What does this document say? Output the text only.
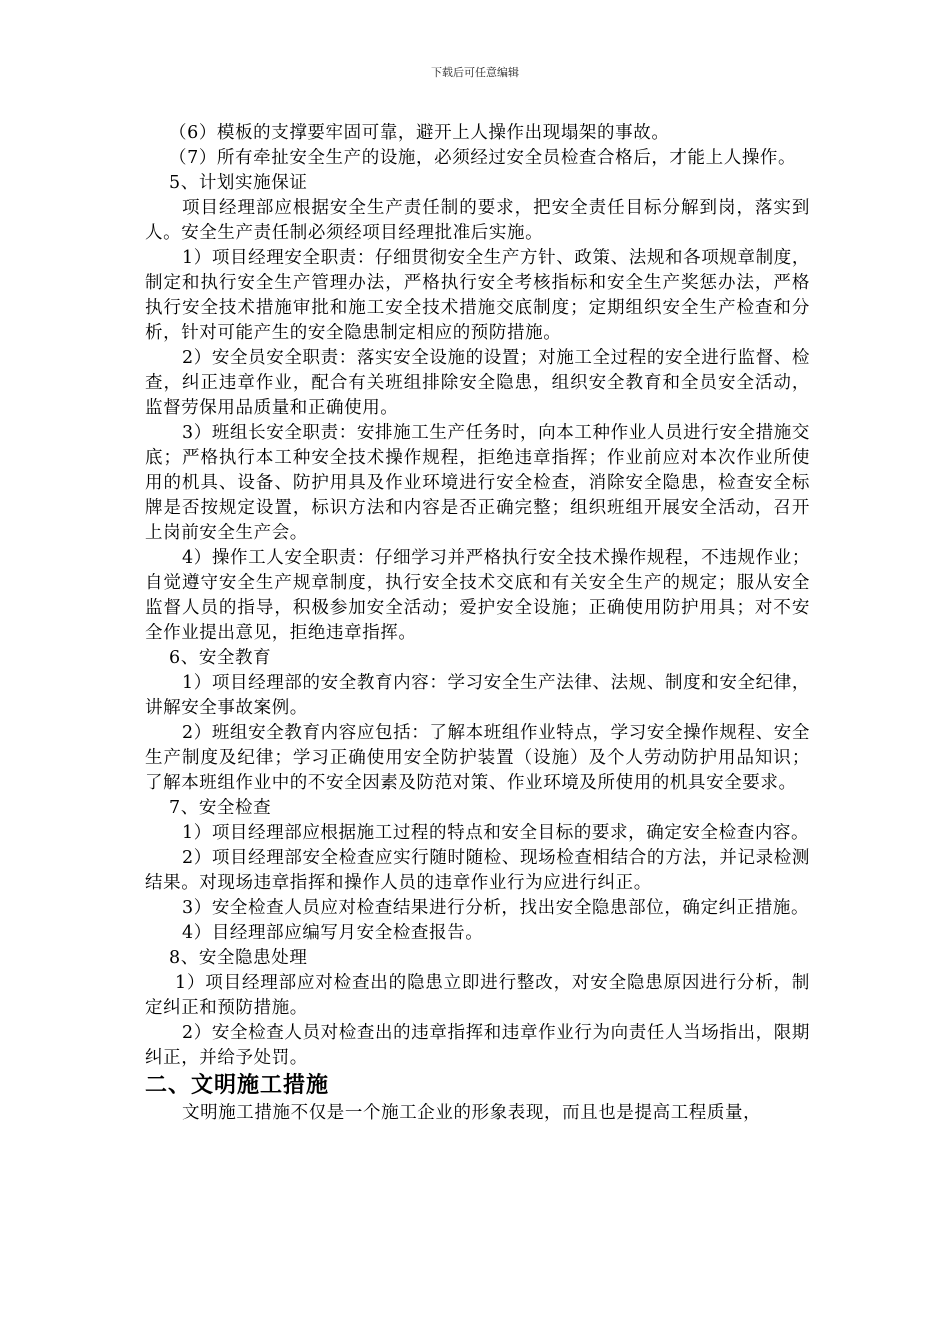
下载后可任意编辑

（6）模板的支撑要牢固可靠，避开上人操作出现塌架的事故。

（7）所有牵扯安全生产的设施，必须经过安全员检查合格后，才能上人操作。

5、计划实施保证

项目经理部应根据安全生产责任制的要求，把安全责任目标分解到岗，落实到人。安全生产责任制必须经项目经理批准后实施。

1）项目经理安全职责：仔细贯彻安全生产方针、政策、法规和各项规章制度，制定和执行安全生产管理办法，严格执行安全考核指标和安全生产奖惩办法，严格执行安全技术措施审批和施工安全技术措施交底制度；定期组织安全生产检查和分析，针对可能产生的安全隐患制定相应的预防措施。

2）安全员安全职责：落实安全设施的设置；对施工全过程的安全进行监督、检查，纠正违章作业，配合有关班组排除安全隐患，组织安全教育和全员安全活动，监督劳保用品质量和正确使用。

3）班组长安全职责：安排施工生产任务时，向本工种作业人员进行安全措施交底；严格执行本工种安全技术操作规程，拒绝违章指挥；作业前应对本次作业所使用的机具、设备、防护用具及作业环境进行安全检查，消除安全隐患，检查安全标牌是否按规定设置，标识方法和内容是否正确完整；组织班组开展安全活动，召开上岗前安全生产会。

4）操作工人安全职责：仔细学习并严格执行安全技术操作规程，不违规作业；自觉遵守安全生产规章制度，执行安全技术交底和有关安全生产的规定；服从安全监督人员的指导，积极参加安全活动；爱护安全设施；正确使用防护用具；对不安全作业提出意见，拒绝违章指挥。

6、安全教育

1）项目经理部的安全教育内容：学习安全生产法律、法规、制度和安全纪律，讲解安全事故案例。

2）班组安全教育内容应包括：了解本班组作业特点，学习安全操作规程、安全生产制度及纪律；学习正确使用安全防护装置（设施）及个人劳动防护用品知识；了解本班组作业中的不安全因素及防范对策、作业环境及所使用的机具安全要求。

7、安全检查

1）项目经理部应根据施工过程的特点和安全目标的要求，确定安全检查内容。

2）项目经理部安全检查应实行随时随检、现场检查相结合的方法，并记录检测结果。对现场违章指挥和操作人员的违章作业行为应进行纠正。

3）安全检查人员应对检查结果进行分析，找出安全隐患部位，确定纠正措施。

4）目经理部应编写月安全检查报告。

8、安全隐患处理

1）项目经理部应对检查出的隐患立即进行整改，对安全隐患原因进行分析，制定纠正和预防措施。

2）安全检查人员对检查出的违章指挥和违章作业行为向责任人当场指出，限期纠正，并给予处罚。

二、文明施工措施

文明施工措施不仅是一个施工企业的形象表现，而且也是提高工程质量，
